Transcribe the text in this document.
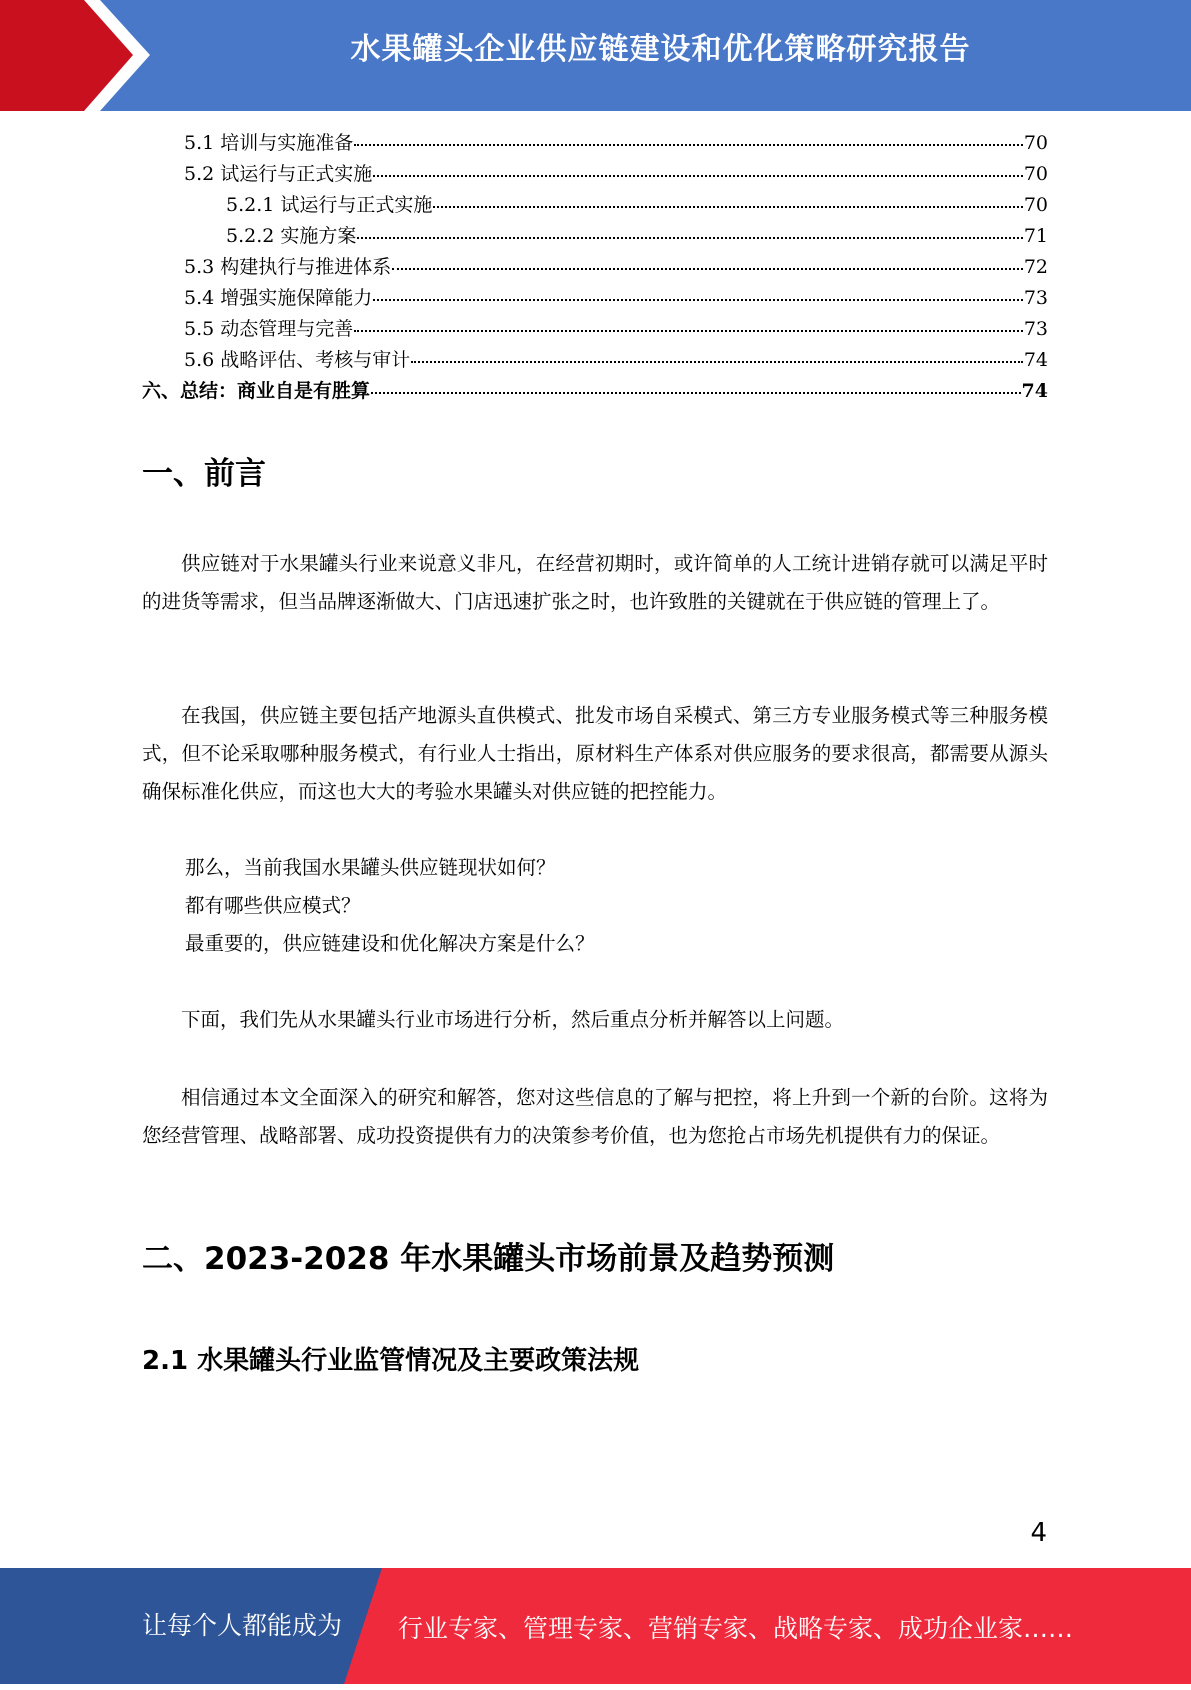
水果罐头企业供应链建设和优化策略研究报告
5.1 培训与实施准备	70
5.2 试运行与正式实施	70
5.2.1 试运行与正式实施	70
5.2.2 实施方案	71
5.3 构建执行与推进体系	72
5.4 增强实施保障能力	73
5.5 动态管理与完善	73
5.6 战略评估、考核与审计	74
六、总结：商业自是有胜算	74
一、前言

供应链对于水果罐头行业来说意义非凡，在经营初期时，或许简单的人工统计进销存就可以满足平时的进货等需求，但当品牌逐渐做大、门店迅速扩张之时，也许致胜的关键就在于供应链的管理上了。

在我国，供应链主要包括产地源头直供模式、批发市场自采模式、第三方专业服务模式等三种服务模式，但不论采取哪种服务模式，有行业人士指出，原材料生产体系对供应服务的要求很高，都需要从源头确保标准化供应，而这也大大的考验水果罐头对供应链的把控能力。

那么，当前我国水果罐头供应链现状如何？
都有哪些供应模式？
最重要的，供应链建设和优化解决方案是什么？

下面，我们先从水果罐头行业市场进行分析，然后重点分析并解答以上问题。

相信通过本文全面深入的研究和解答，您对这些信息的了解与把控，将上升到一个新的台阶。这将为您经营管理、战略部署、成功投资提供有力的决策参考价值，也为您抢占市场先机提供有力的保证。

二、2023-2028 年水果罐头市场前景及趋势预测
2.1 水果罐头行业监管情况及主要政策法规
4
让每个人都能成为 行业专家、管理专家、营销专家、战略专家、成功企业家……
